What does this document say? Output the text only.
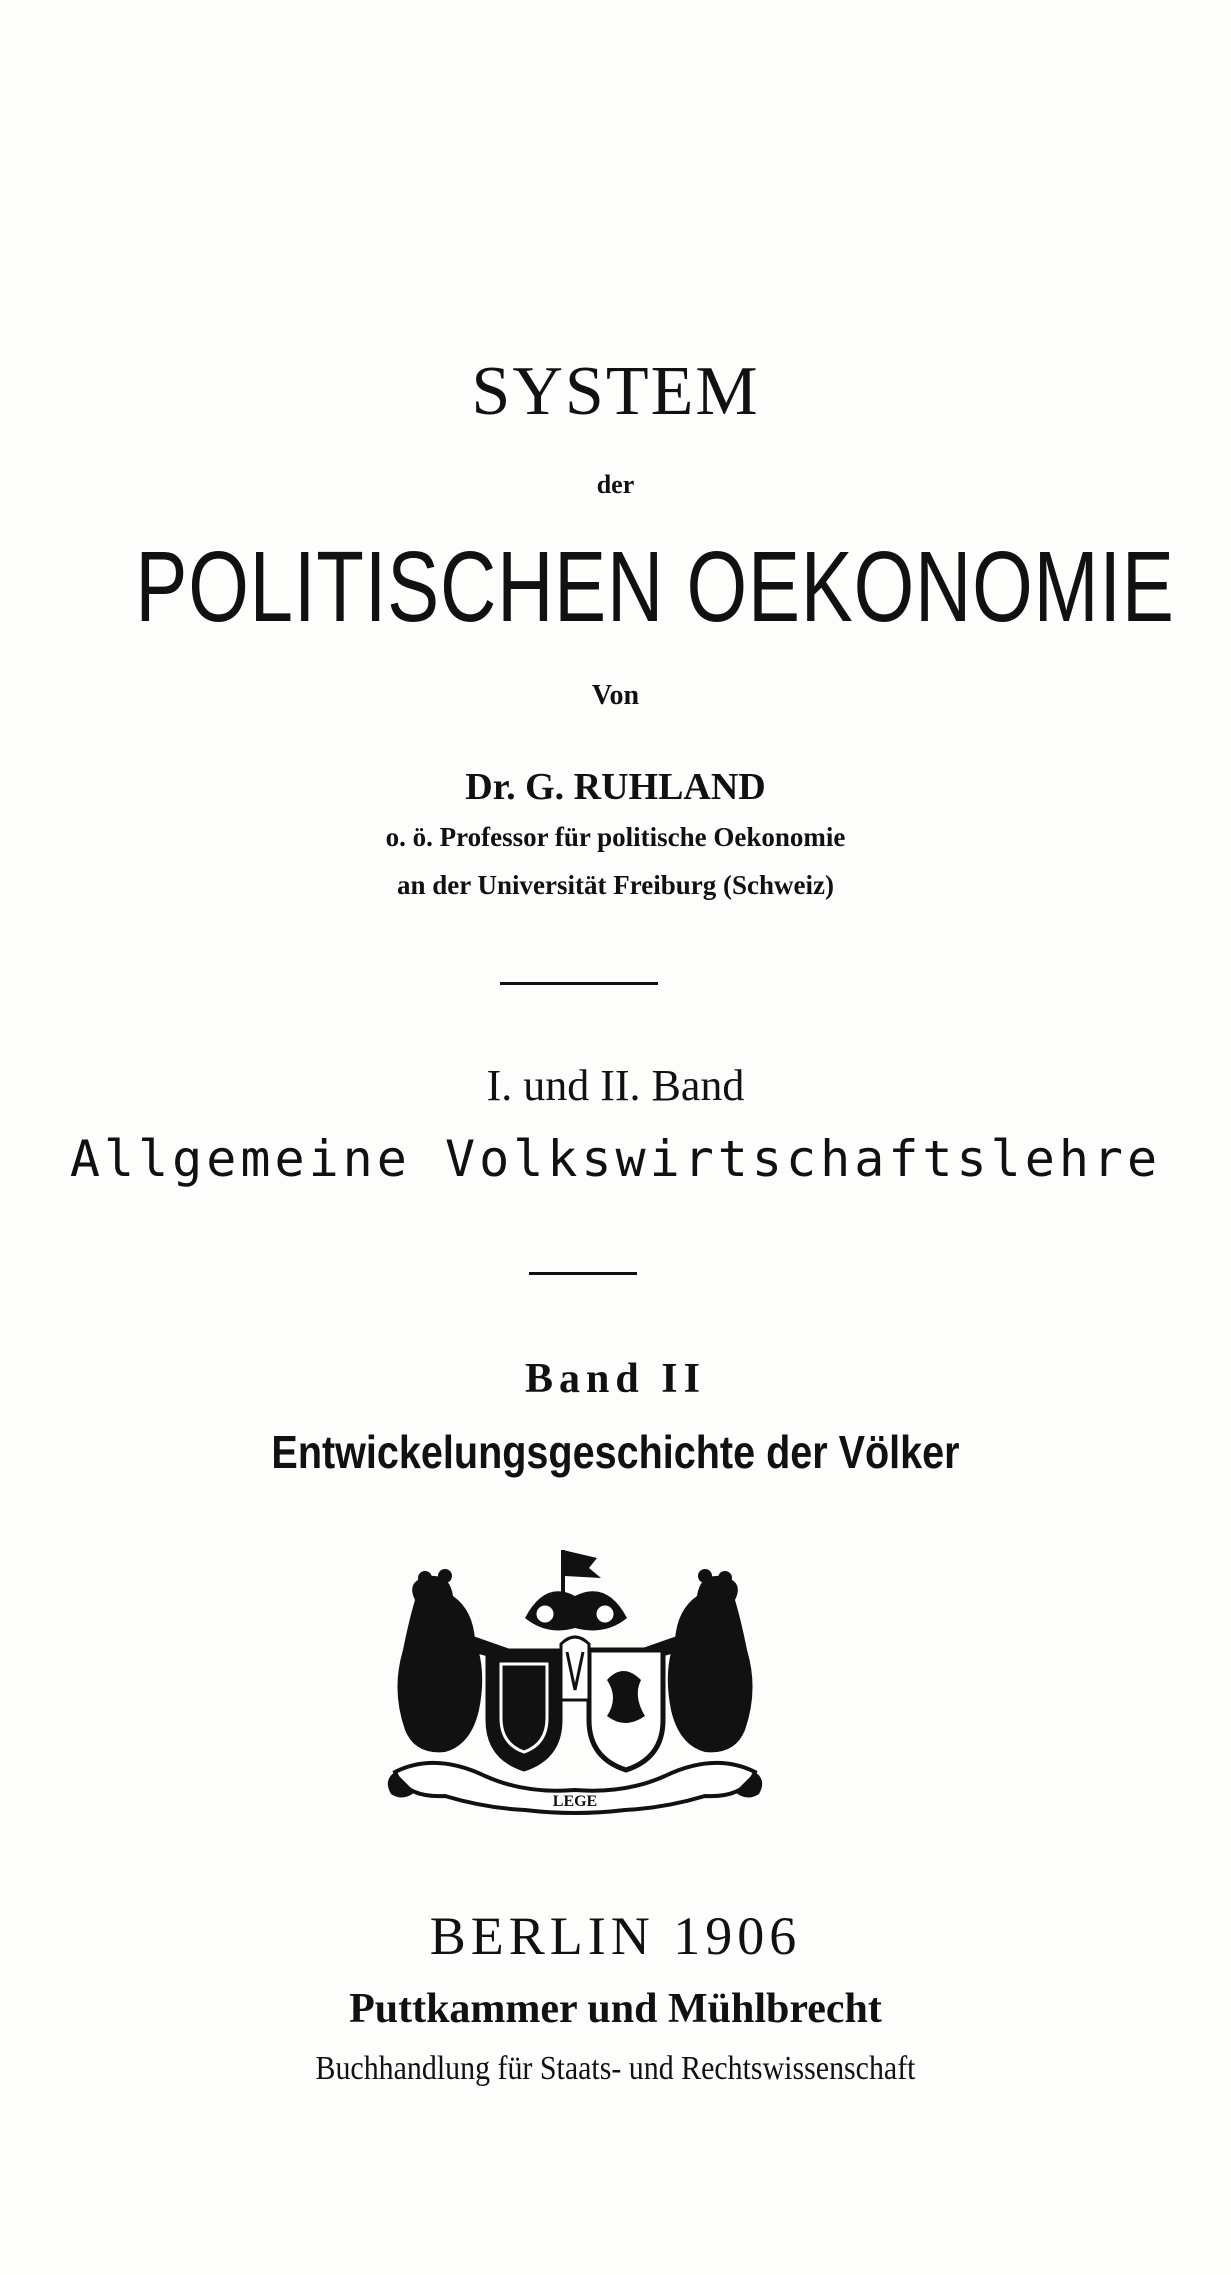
SYSTEM
der
POLITISCHEN OEKONOMIE
Von
Dr. G. RUHLAND
o. ö. Professor für politische Oekonomie
an der Universität Freiburg (Schweiz)
I. und II. Band
Allgemeine Volkswirtschaftslehre
Band II
Entwickelungsgeschichte der Völker
LEGE
BERLIN 1906
Puttkammer und Mühlbrecht
Buchhandlung für Staats- und Rechtswissenschaft
